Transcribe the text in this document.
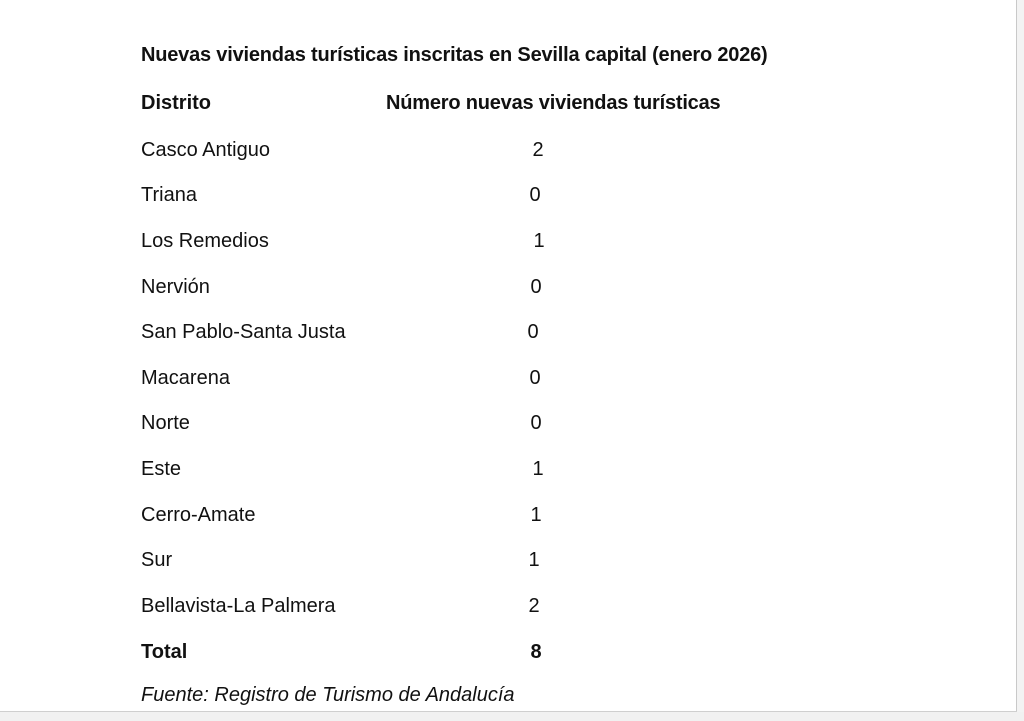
Nuevas viviendas turísticas inscritas en Sevilla capital (enero 2026)
Distrito	Número nuevas viviendas turísticas
Casco Antiguo	2
Triana	0
Los Remedios	1
Nervión	0
San Pablo-Santa Justa	0
Macarena	0
Norte	0
Este	1
Cerro-Amate	1
Sur	1
Bellavista-La Palmera	2
Total	8
Fuente: Registro de Turismo de Andalucía
